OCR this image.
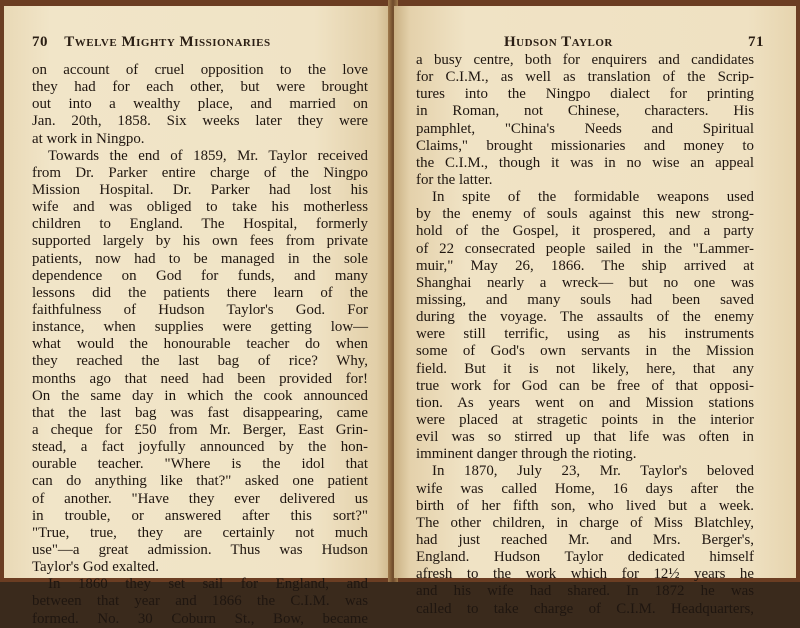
70 Twelve Mighty Missionaries
on account of cruel opposition to the love
they had for each other, but were brought
out into a wealthy place, and married on
Jan. 20th, 1858. Six weeks later they were
at work in Ningpo.
Towards the end of 1859, Mr. Taylor received
from Dr. Parker entire charge of the Ningpo
Mission Hospital. Dr. Parker had lost his
wife and was obliged to take his motherless
children to England. The Hospital, formerly
supported largely by his own fees from private
patients, now had to be managed in the sole
dependence on God for funds, and many
lessons did the patients there learn of the
faithfulness of Hudson Taylor's God. For
instance, when supplies were getting low—
what would the honourable teacher do when
they reached the last bag of rice? Why,
months ago that need had been provided for!
On the same day in which the cook announced
that the last bag was fast disappearing, came
a cheque for £50 from Mr. Berger, East Grin-
stead, a fact joyfully announced by the hon-
ourable teacher. "Where is the idol that
can do anything like that?" asked one patient
of another. "Have they ever delivered us
in trouble, or answered after this sort?"
"True, true, they are certainly not much
use"—a great admission. Thus was Hudson
Taylor's God exalted.
In 1860 they set sail for England, and
between that year and 1866 the C.I.M. was
formed. No. 30 Coburn St., Bow, became
Hudson Taylor	71
a busy centre, both for enquirers and candidates
for C.I.M., as well as translation of the Scrip-
tures into the Ningpo dialect for printing
in Roman, not Chinese, characters. His
pamphlet, "China's Needs and Spiritual
Claims," brought missionaries and money to
the C.I.M., though it was in no wise an appeal
for the latter.
In spite of the formidable weapons used
by the enemy of souls against this new strong-
hold of the Gospel, it prospered, and a party
of 22 consecrated people sailed in the "Lammer-
muir," May 26, 1866. The ship arrived at
Shanghai nearly a wreck— but no one was
missing, and many souls had been saved
during the voyage. The assaults of the enemy
were still terrific, using as his instruments
some of God's own servants in the Mission
field. But it is not likely, here, that any
true work for God can be free of that opposi-
tion. As years went on and Mission stations
were placed at stragetic points in the interior
evil was so stirred up that life was often in
imminent danger through the rioting.
In 1870, July 23, Mr. Taylor's beloved
wife was called Home, 16 days after the
birth of her fifth son, who lived but a week.
The other children, in charge of Miss Blatchley,
had just reached Mr. and Mrs. Berger's,
England. Hudson Taylor dedicated himself
afresh to the work which for 12½ years he
and his wife had shared. In 1872 he was
called to take charge of C.I.M. Headquarters,
